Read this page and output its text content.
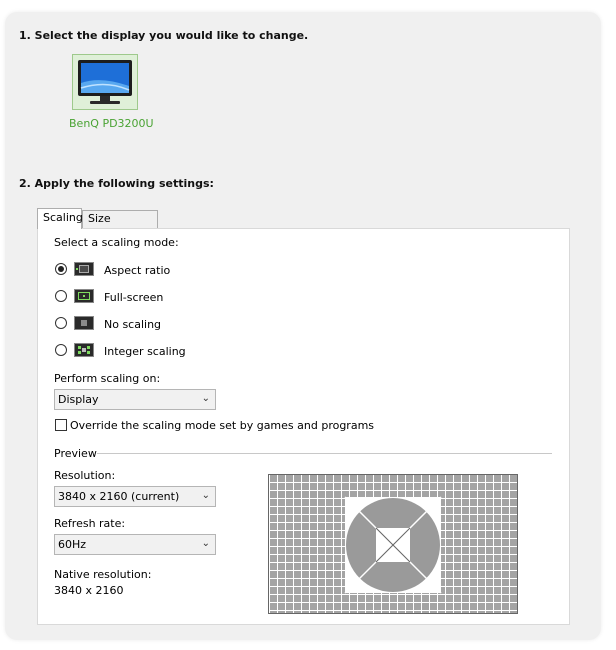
1. Select the display you would like to change.
BenQ PD3200U
2. Apply the following settings:
Scaling Size
Select a scaling mode:
Aspect ratio
Full-screen
No scaling
Integer scaling
Perform scaling on:
Display	⌄
Override the scaling mode set by games and programs
Preview
Resolution:
3840 x 2160 (current) ⌄
Refresh rate:
60Hz	⌄
Native resolution:
3840 x 2160
